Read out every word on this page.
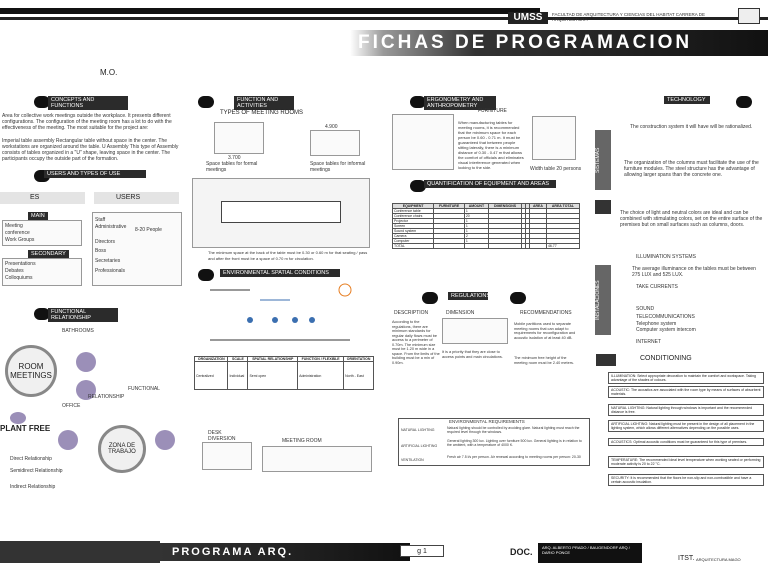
UMSS	FACULTAD DE ARQUITECTURA Y CIENCIAS DEL HABITAT CARRERA DE ARQUITECTURA
FICHAS DE PROGRAMACION
M.O.
CONCEPTS AND FUNCTIONS
Area for collective work meetings outside the workplace. It presents different configurations. The configuration of the meeting room has a lot to do with the effectiveness of the meeting. The most suitable for the project are:
Imperial table assembly Rectangular table without space in the center. The workstations are organized around the table. U Assembly This type of Assembly consists of tables organized in a "U" shape, leaving space in the center. The participants occupy the outside part of the formation.
USERS AND TYPES OF USE
ES	USERS
MAIN
Meeting
conference
Work Groups
SECONDARY
Presentations
Debates
Colloquiums
Staff
Administrative
Directors
Boss
Secretaries
Professionals
8-20 People
FUNCTIONAL RELATIONSHIP
BATHROOMS
ROOM MEETINGS
OFFICE
RELATIONSHIP
FUNCTIONAL
PLANT FREE
ZONA DE TRABAJO
Direct Relationship
Semidirect Relationship
Indirect Relationship
FUNCTION AND ACTIVITIES
TYPES OF MEETING ROOMS
3.700
Space tables for formal meetings
4.900
Space tables for informal meetings
The minimum space at the back of the table must be 0.30 or 0.60 m for that seating / pass and after the front must be a space of 0.70 m for circulation.
ENVIRONMENTAL SPATIAL CONDITIONS
ORGANIZATION	SCALE	SPATIAL RELATIONSHIP	FUNCTION / FLEXIBLE	ORIENTATION
Centralized	Individual	Semi open	Administration	North - East
DESK DIVERSION	MEETING ROOM
ERGONOMETRY AND ANTHROPOMETRY
FURNITURE
When manufacturing tables for meeting rooms, it is recommended that the minimum space for each person be 0.60 - 0.71 m. It must be guaranteed that between people sitting laterally, there is a minimum distance of 0.30 - 0.47 m that allows the comfort of officials and eliminates visual interference generated when looking to the side.	Width table 20 persons
QUANTIFICATION OF EQUIPMENT AND AREAS
EQUIPMENT	FURNITURE	AMOUNT	DIMENSIONS			AREA	AREA TOTAL
Conference table		1					
Conference chairs		20					
Projector		1					
Screen		1					
Sound system		1					
Camera		2					
Computer		1					
TOTAL							46.77
REGULATIONS
DESCRIPTION	DIMENSION	RECOMMENDATIONS
According to the regulations, there are minimum standards for regular daily flows must be access to a perimeter of 0.70m. The minimum size must be 1.20 m wide in a space. From the limits of the building must be a min of 0.90m.
It is a priority that they are close to access points and main circulations.
Mobile partitions used to separate meeting rooms that can adapt to requirements for reconfiguration and acoustic isolation of at least 40 dB.
The minimum free height of the meeting room must be 2.40 meters.
ENVIRONMENTAL REQUIREMENTS
NATURAL LIGHTING	Natural lighting should be controlled by avoiding glare. Natural lighting must reach the required level through the windows.
ARTIFICIAL LIGHTING
General lighting 300 lux. Lighting over furniture 500 lux. General lighting is in relation to the ambient, with a temperature of 4000 K.
VENTILATION
Fresh air 7.5 l/s per person. Air renewal according to meeting rooms per person: 20-30
TECHNOLOGY
SISTEMAS
INSTALACIONES
The construction system it will have will be rationalized.
The organization of the columns must facilitate the use of the furniture modules. The steel structure has the advantage of allowing larger spans than the concrete one.
The choice of light and neutral colors are ideal and can be combined with stimulating colors, set on the entire surface of the premises but on small surfaces such as columns, doors.
ILLUMINATION SYSTEMS
The average illuminance on the tables must be between 275 LUX and 525 LUX.
TAKE CURRENTS
SOUND
TELECOMMUNICATIONS
Telephone system
Computer system intercom
INTERNET
CONDITIONING
ILLUMINATION: Select appropriate decoration to maintain the comfort and workspace. Taking advantage of the shades of colours.
ACOUSTIC: The acoustics are associated with the room type by means of surfaces of absorbent materials.
NATURAL LIGHTING: Natural lighting through windows is important and the recommended distance is free.
ARTIFICIAL LIGHTING: Natural lighting must be present in the design of all placement in the lighting system, which allows different alternatives depending on the possible uses.
ACOUSTICS: Optimal acoustic conditions must be guaranteed for this type of premises.
TEMPERATURE: The recommended ideal level temperature when working seated or performing moderate activity is 20 to 22 °C.
SECURITY: It is recommended that the floors be non-slip and non-combustible and have a certain acoustic insulation.
PROGRAMA ARQ.	g 1	DOC. ARQ. ALBERTO PRADO / BAUGENDORF ARQ / DARIO PONCE
ITST. ARQUITECTURA MAGO
